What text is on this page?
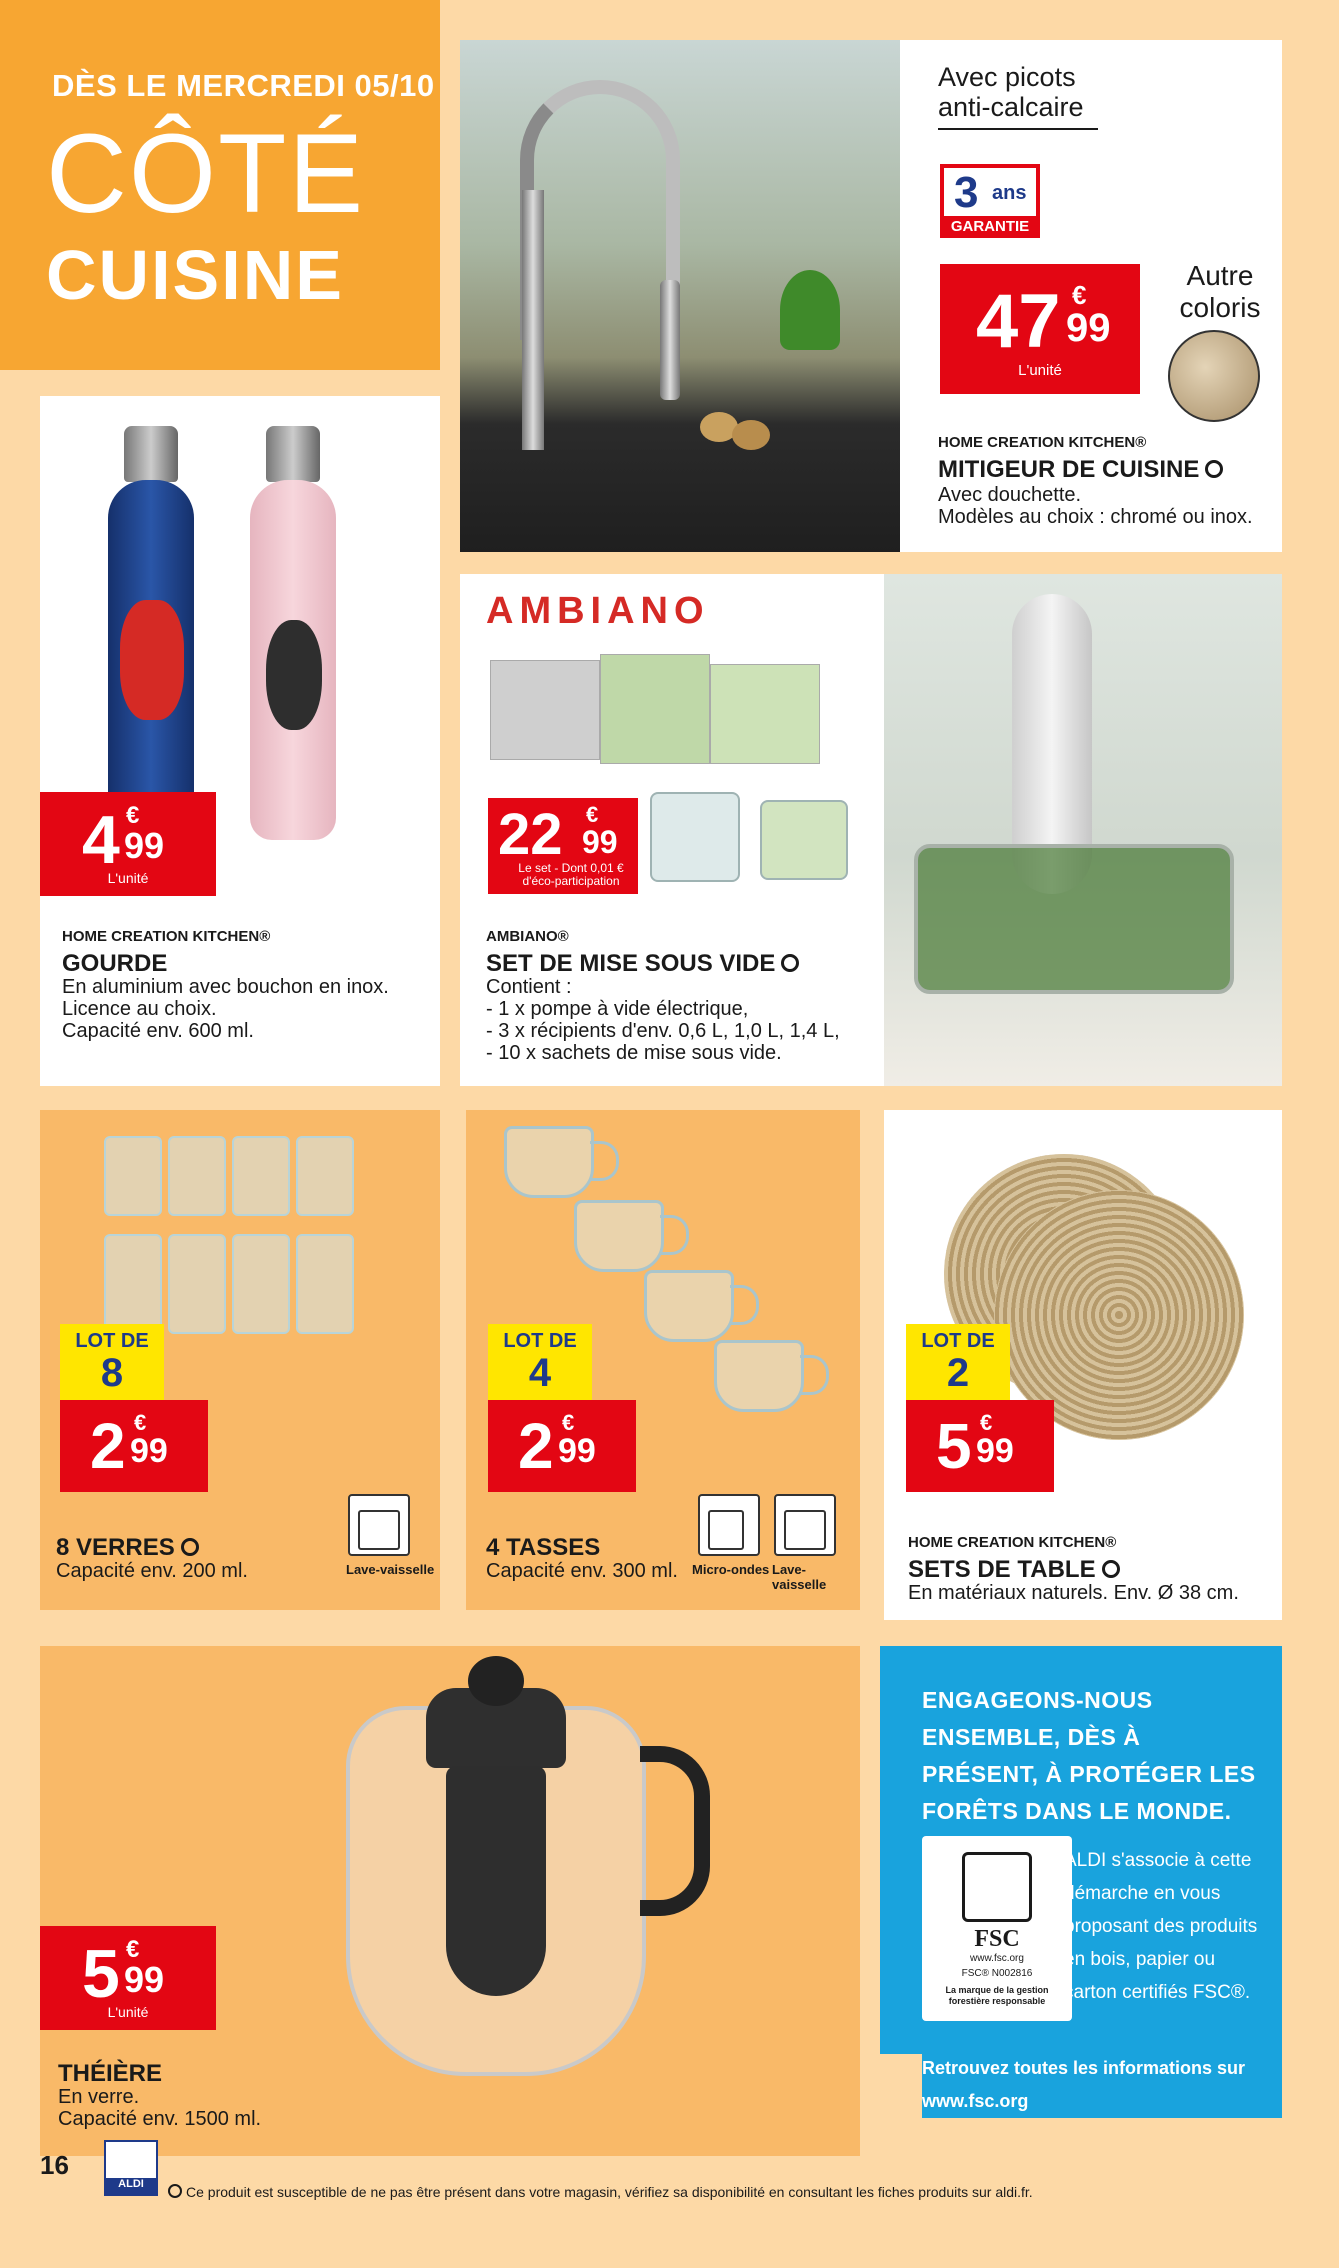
DÈS LE MERCREDI 05/10
CÔTÉ
CUISINE
Avec picots anti-calcaire
3 ans
GARANTIE
47 €
99
L'unité
Autre coloris
HOME CREATION KITCHEN®
MITIGEUR DE CUISINE
Avec douchette.
Modèles au choix : chromé ou inox.
4 €
99
L'unité
HOME CREATION KITCHEN®
GOURDE
En aluminium avec bouchon en inox.
Licence au choix.
Capacité env. 600 ml.
AMBIANO
22 €
99
Le set - Dont 0,01 € d'éco-participation
AMBIANO®
SET DE MISE SOUS VIDE
Contient :
- 1 x pompe à vide électrique,
- 3 x récipients d'env. 0,6 L, 1,0 L, 1,4 L,
- 10 x sachets de mise sous vide.
LOT DE
8
2 €
99
Lave-vaisselle
8 VERRES
Capacité env. 200 ml.
LOT DE
4
2 €
99
Micro-ondes Lave-vaisselle
4 TASSES
Capacité env. 300 ml.
LOT DE
2
5 €
99
HOME CREATION KITCHEN®
SETS DE TABLE
En matériaux naturels. Env. Ø 38 cm.
5 €
99
L'unité
THÉIÈRE
En verre.
Capacité env. 1500 ml.
ENGAGEONS-NOUS ENSEMBLE, DÈS À PRÉSENT, À PROTÉGER LES FORÊTS DANS LE MONDE.
FSC
www.fsc.org
FSC® N002816
La marque de la gestion forestière responsable
ALDI s'associe à cette démarche en vous proposant des produits en bois, papier ou carton certifiés FSC®.
Retrouvez toutes les informations sur www.fsc.org
16
ALDI	Ce produit est susceptible de ne pas être présent dans votre magasin, vérifiez sa disponibilité en consultant les fiches produits sur aldi.fr.
